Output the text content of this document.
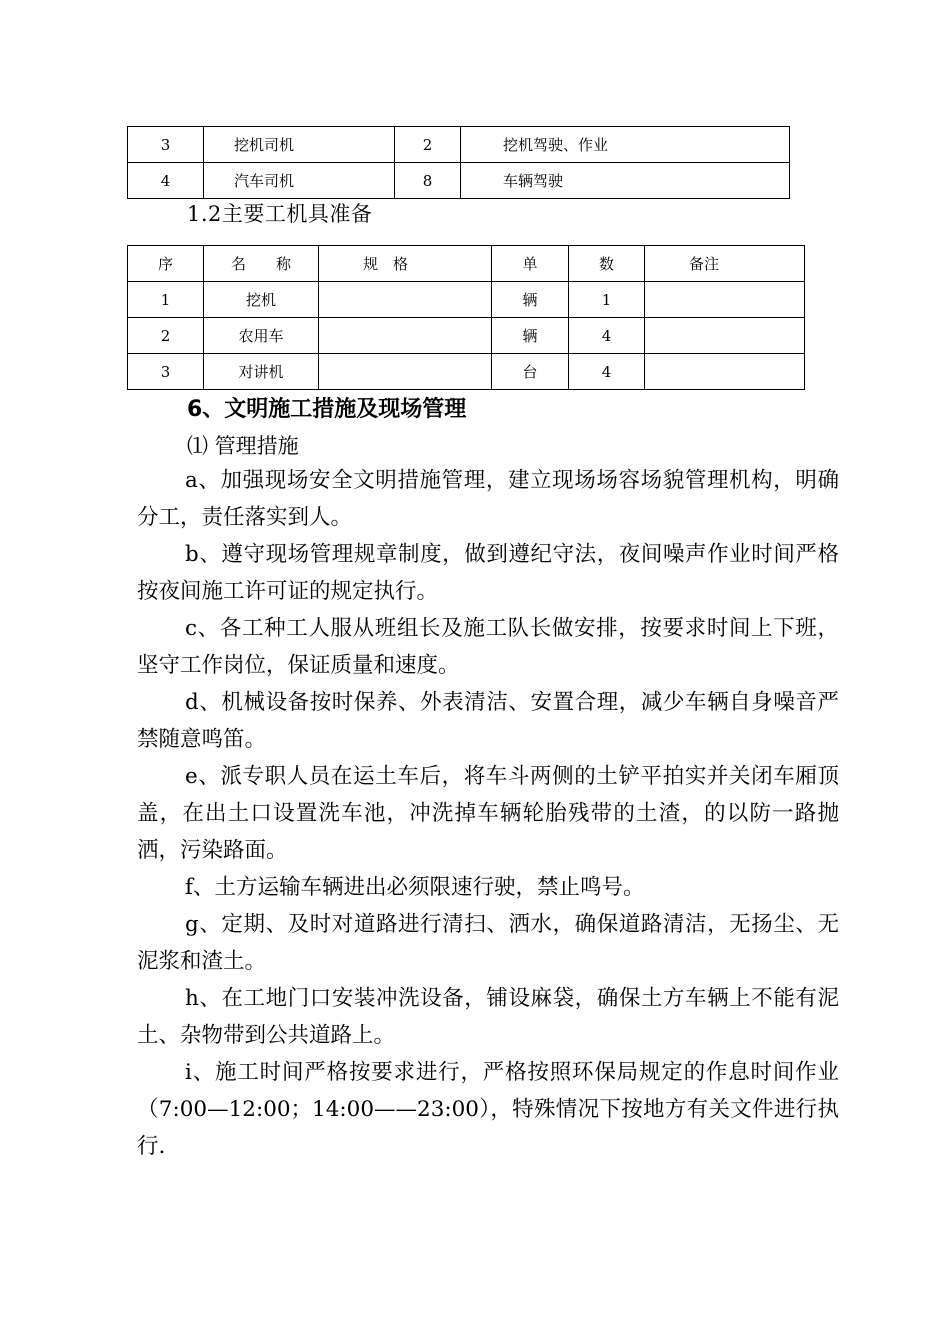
3	挖机司机	2	挖机驾驶、作业
4	汽车司机	8	车辆驾驶
1.2主要工机具准备
序	名　　称	规　格	单	数	备注
1	挖机		辆	1	
2	农用车		辆	4	
3	对讲机		台	4	
6、文明施工措施及现场管理
⑴ 管理措施

a、加强现场安全文明措施管理，建立现场场容场貌管理机构，明确分工，责任落实到人。

b、遵守现场管理规章制度，做到遵纪守法，夜间噪声作业时间严格按夜间施工许可证的规定执行。

c、各工种工人服从班组长及施工队长做安排，按要求时间上下班，坚守工作岗位，保证质量和速度。

d、机械设备按时保养、外表清洁、安置合理，减少车辆自身噪音严禁随意鸣笛。

e、派专职人员在运土车后，将车斗两侧的土铲平拍实并关闭车厢顶盖，在出土口设置洗车池，冲洗掉车辆轮胎残带的土渣，的以防一路抛洒，污染路面。

f、土方运输车辆进出必须限速行驶，禁止鸣号。

g、定期、及时对道路进行清扫、洒水，确保道路清洁，无扬尘、无泥浆和渣土。

h、在工地门口安装冲洗设备，铺设麻袋，确保土方车辆上不能有泥土、杂物带到公共道路上。

i、施工时间严格按要求进行，严格按照环保局规定的作息时间作业（7:00—12:00；14:00——23:00），特殊情况下按地方有关文件进行执行.
